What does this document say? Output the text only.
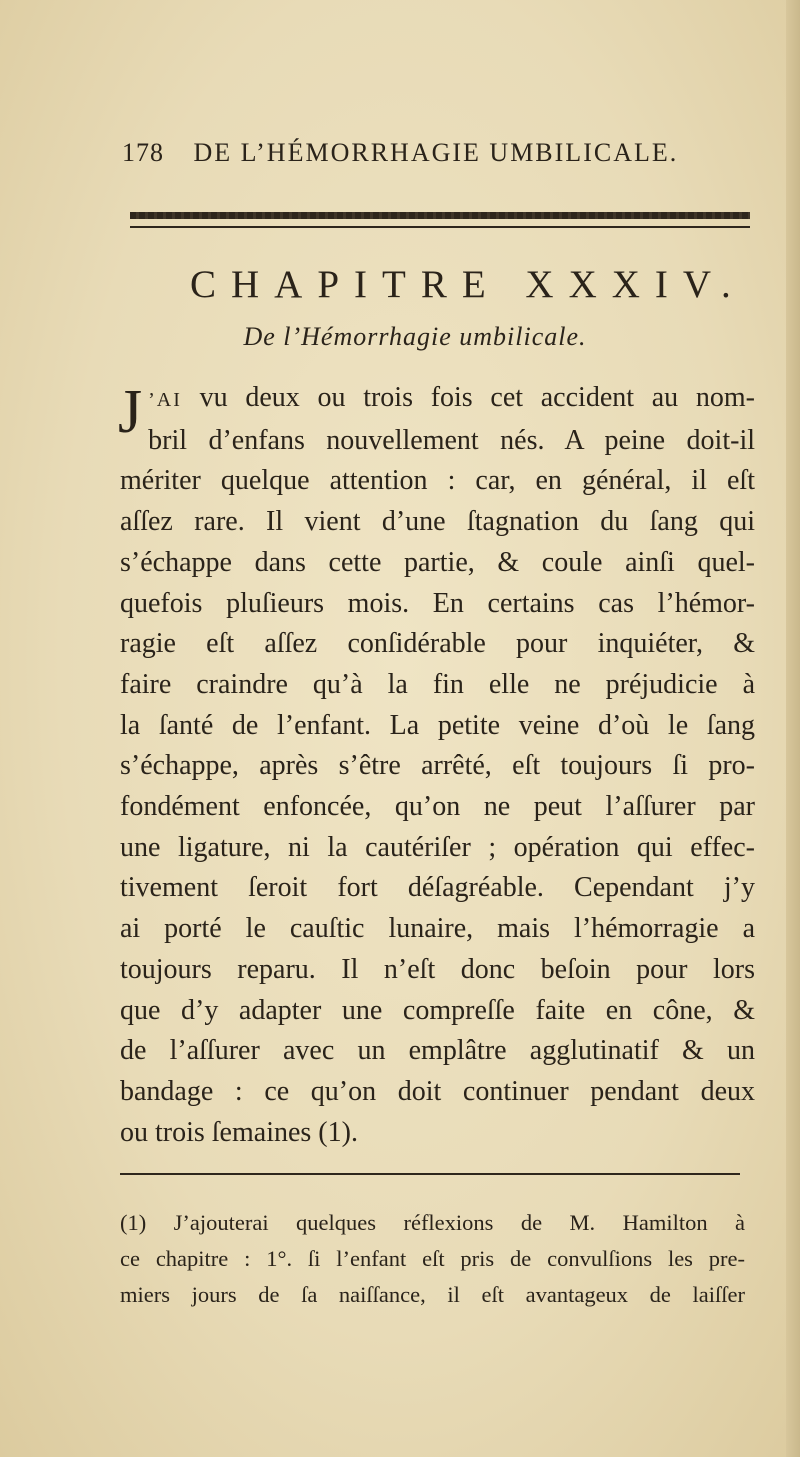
178 DE L’HÉMORRHAGIE UMBILICALE.
CHAPITRE XXXIV.
De l’Hémorrhagie umbilicale.
J ’AI vu deux ou trois fois cet accident au nom-
bril d’enfans nouvellement nés. A peine doit-il
mériter quelque attention : car, en général, il eſt
aſſez rare. Il vient d’une ſtagnation du ſang qui
s’échappe dans cette partie, & coule ainſi quel-
quefois pluſieurs mois. En certains cas l’hémor-
ragie eſt aſſez conſidérable pour inquiéter, &
faire craindre qu’à la fin elle ne préjudicie à
la ſanté de l’enfant. La petite veine d’où le ſang
s’échappe, après s’être arrêté, eſt toujours ſi pro-
fondément enfoncée, qu’on ne peut l’aſſurer par
une ligature, ni la cautériſer ; opération qui effec-
tivement ſeroit fort déſagréable. Cependant j’y
ai porté le cauſtic lunaire, mais l’hémorragie a
toujours reparu. Il n’eſt donc beſoin pour lors
que d’y adapter une compreſſe faite en cône, &
de l’aſſurer avec un emplâtre agglutinatif & un
bandage : ce qu’on doit continuer pendant deux
ou trois ſemaines (1).
(1) J’ajouterai quelques réflexions de M. Hamilton à
ce chapitre : 1°. ſi l’enfant eſt pris de convulſions les pre-
miers jours de ſa naiſſance, il eſt avantageux de laiſſer
